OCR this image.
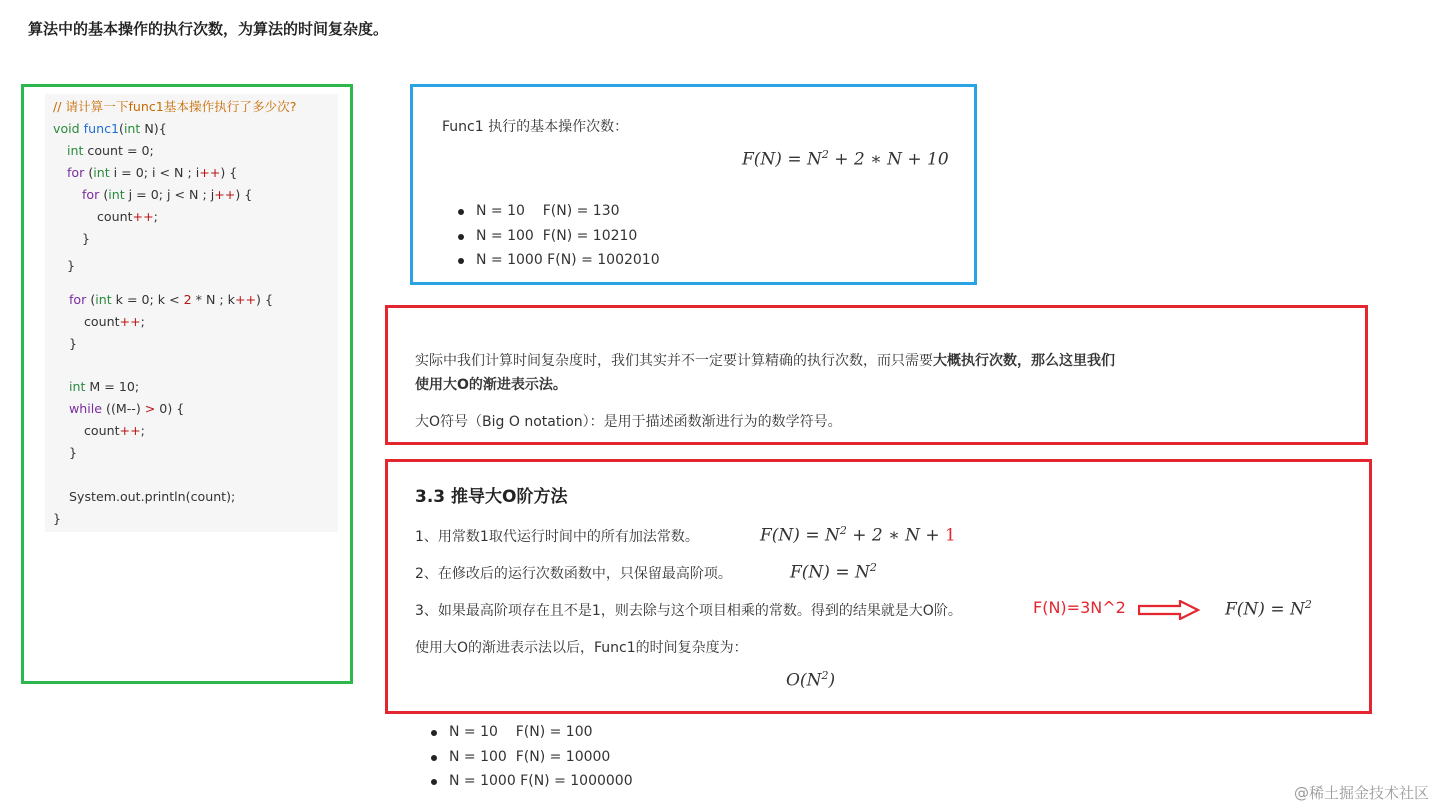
算法中的基本操作的执行次数，为算法的时间复杂度。
// 请计算一下func1基本操作执行了多少次?
void func1(int N){
int count = 0;
for (int i = 0; i < N ; i++) {
for (int j = 0; j < N ; j++) {
count++;
}
}
for (int k = 0; k < 2 * N ; k++) {
count++;
}
int M = 10;
while ((M--) > 0) {
count++;
}
System.out.println(count);
}
Func1 执行的基本操作次数：
$F(N) = N^2 + 2$ ∗ N + 10
N = 10    F(N) = 130
N = 100  F(N) = 10210
N = 1000 F(N) = 1002010
实际中我们计算时间复杂度时，我们其实并不一定要计算精确的执行次数，而只需要大概执行次数，那么这里我们
使用大O的渐进表示法。
大O符号（Big O notation）：是用于描述函数渐进行为的数学符号。
3.3 推导大O阶方法
1、用常数1取代运行时间中的所有加法常数。	$F(N) = N^2 + 2$ ∗ N + 1
2、在修改后的运行次数函数中，只保留最高阶项。	$F(N) = N^2$
3、如果最高阶项存在且不是1，则去除与这个项目相乘的常数。得到的结果就是大O阶。	F(N)=3N^2	$F(N) = N^2$
使用大O的渐进表示法以后，Func1的时间复杂度为：
$O(N^2)$
N = 10    F(N) = 100
N = 100  F(N) = 10000
N = 1000 F(N) = 1000000
@稀土掘金技术社区
